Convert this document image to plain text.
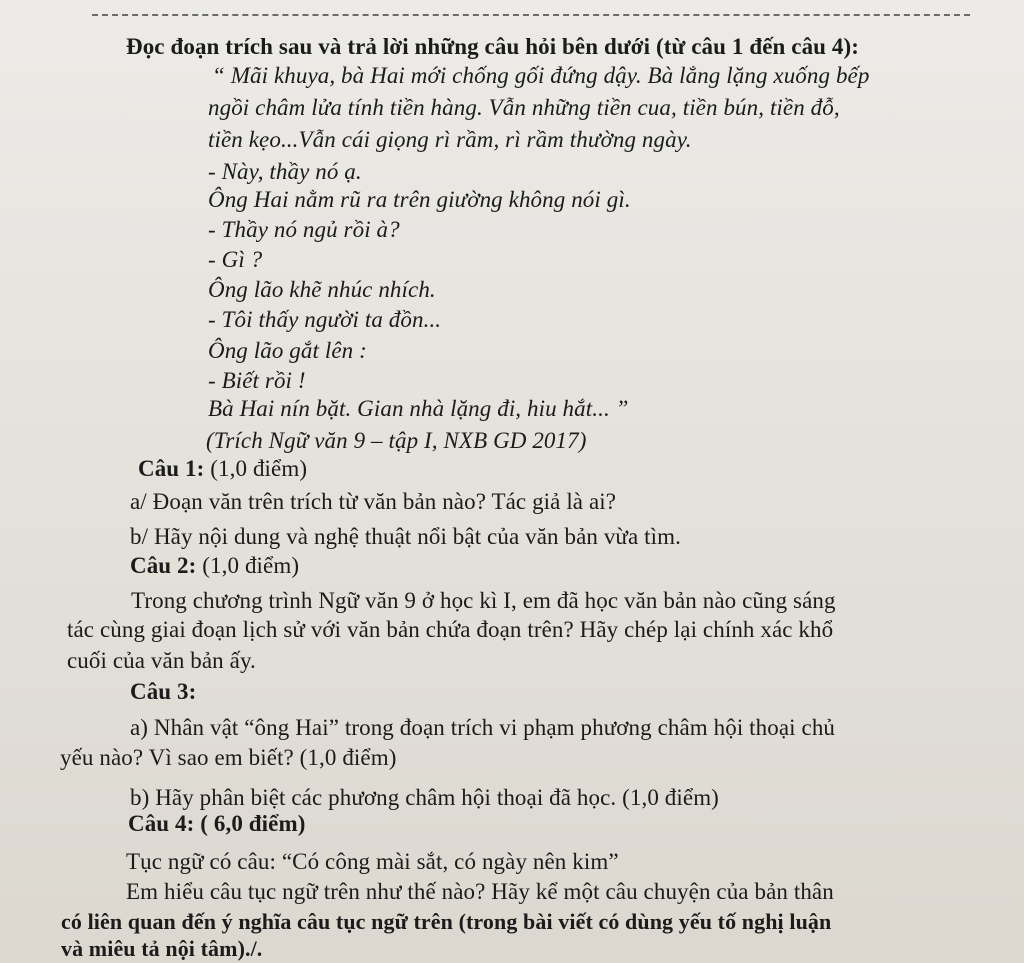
Đọc đoạn trích sau và trả lời những câu hỏi bên dưới (từ câu 1 đến câu 4):
“ Mãi khuya, bà Hai mới chống gối đứng dậy. Bà lẳng lặng xuống bếp
ngồi châm lửa tính tiền hàng. Vẫn những tiền cua, tiền bún, tiền đỗ,
tiền kẹo...Vẫn cái giọng rì rầm, rì rầm thường ngày.
- Này, thầy nó ạ.
Ông Hai nằm rũ ra trên giường không nói gì.
- Thầy nó ngủ rồi à?
- Gì ?
Ông lão khẽ nhúc nhích.
- Tôi thấy người ta đồn...
Ông lão gắt lên :
- Biết rồi !
Bà Hai nín bặt. Gian nhà lặng đi, hiu hắt... ”
(Trích Ngữ văn 9 – tập I, NXB GD 2017)
Câu 1: (1,0 điểm)
a/ Đoạn văn trên trích từ văn bản nào? Tác giả là ai?
b/ Hãy nội dung và nghệ thuật nổi bật của văn bản vừa tìm.
Câu 2: (1,0 điểm)
Trong chương trình Ngữ văn 9 ở học kì I, em đã học văn bản nào cũng sáng
tác cùng giai đoạn lịch sử với văn bản chứa đoạn trên? Hãy chép lại chính xác khổ
cuối của văn bản ấy.
Câu 3:
a) Nhân vật “ông Hai” trong đoạn trích vi phạm phương châm hội thoại chủ
yếu nào? Vì sao em biết? (1,0 điểm)
b) Hãy phân biệt các phương châm hội thoại đã học. (1,0 điểm)
Câu 4: ( 6,0 điểm)
Tục ngữ có câu: “Có công mài sắt, có ngày nên kim”
Em hiểu câu tục ngữ trên như thế nào? Hãy kể một câu chuyện của bản thân
có liên quan đến ý nghĩa câu tục ngữ trên (trong bài viết có dùng yếu tố nghị luận
và miêu tả nội tâm)./.
